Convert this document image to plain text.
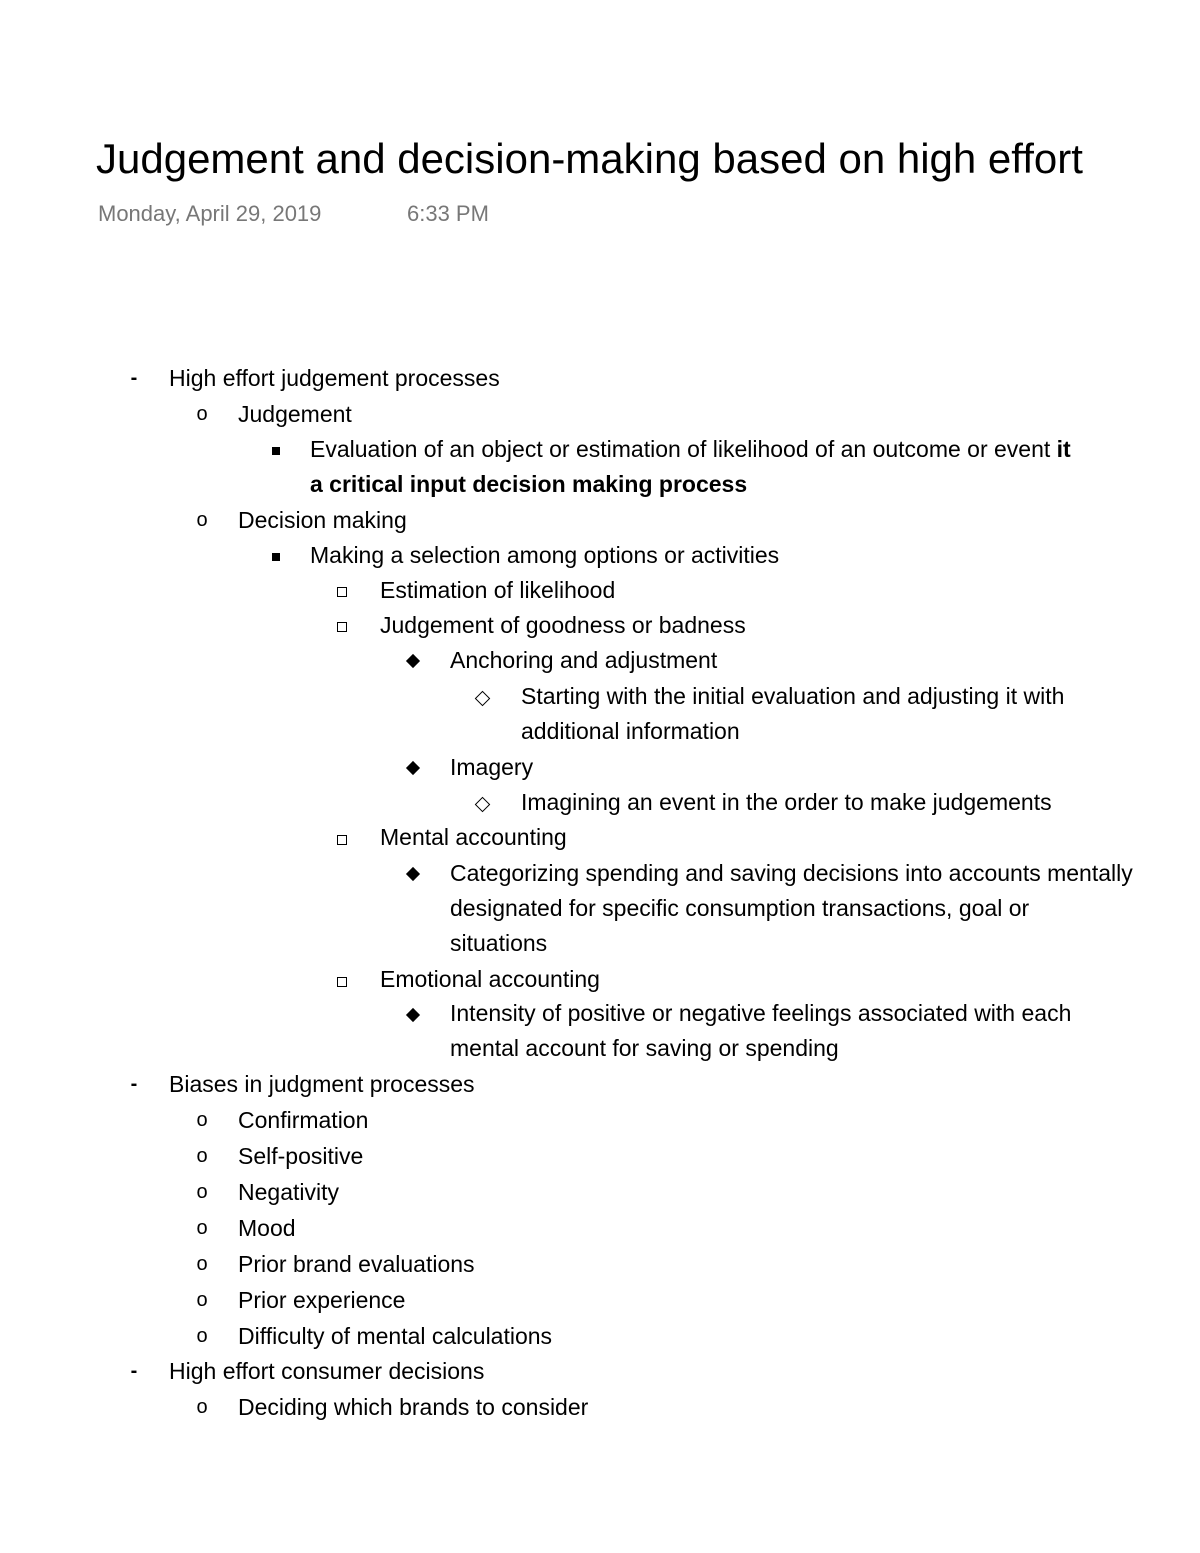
Judgement and decision-making based on high effort
Monday, April 29, 2019	6:33 PM
- High effort judgement processes
o Judgement
Evaluation of an object or estimation of likelihood of an outcome or event it
a critical input decision making process
o Decision making
Making a selection among options or activities
Estimation of likelihood
Judgement of goodness or badness
Anchoring and adjustment
Starting with the initial evaluation and adjusting it with
additional information
Imagery
Imagining an event in the order to make judgements
Mental accounting
Categorizing spending and saving decisions into accounts mentally
designated for specific consumption transactions, goal or
situations
Emotional accounting
Intensity of positive or negative feelings associated with each
mental account for saving or spending
- Biases in judgment processes
o Confirmation
o Self-positive
o Negativity
o Mood
o Prior brand evaluations
o Prior experience
o Difficulty of mental calculations
- High effort consumer decisions
o Deciding which brands to consider
